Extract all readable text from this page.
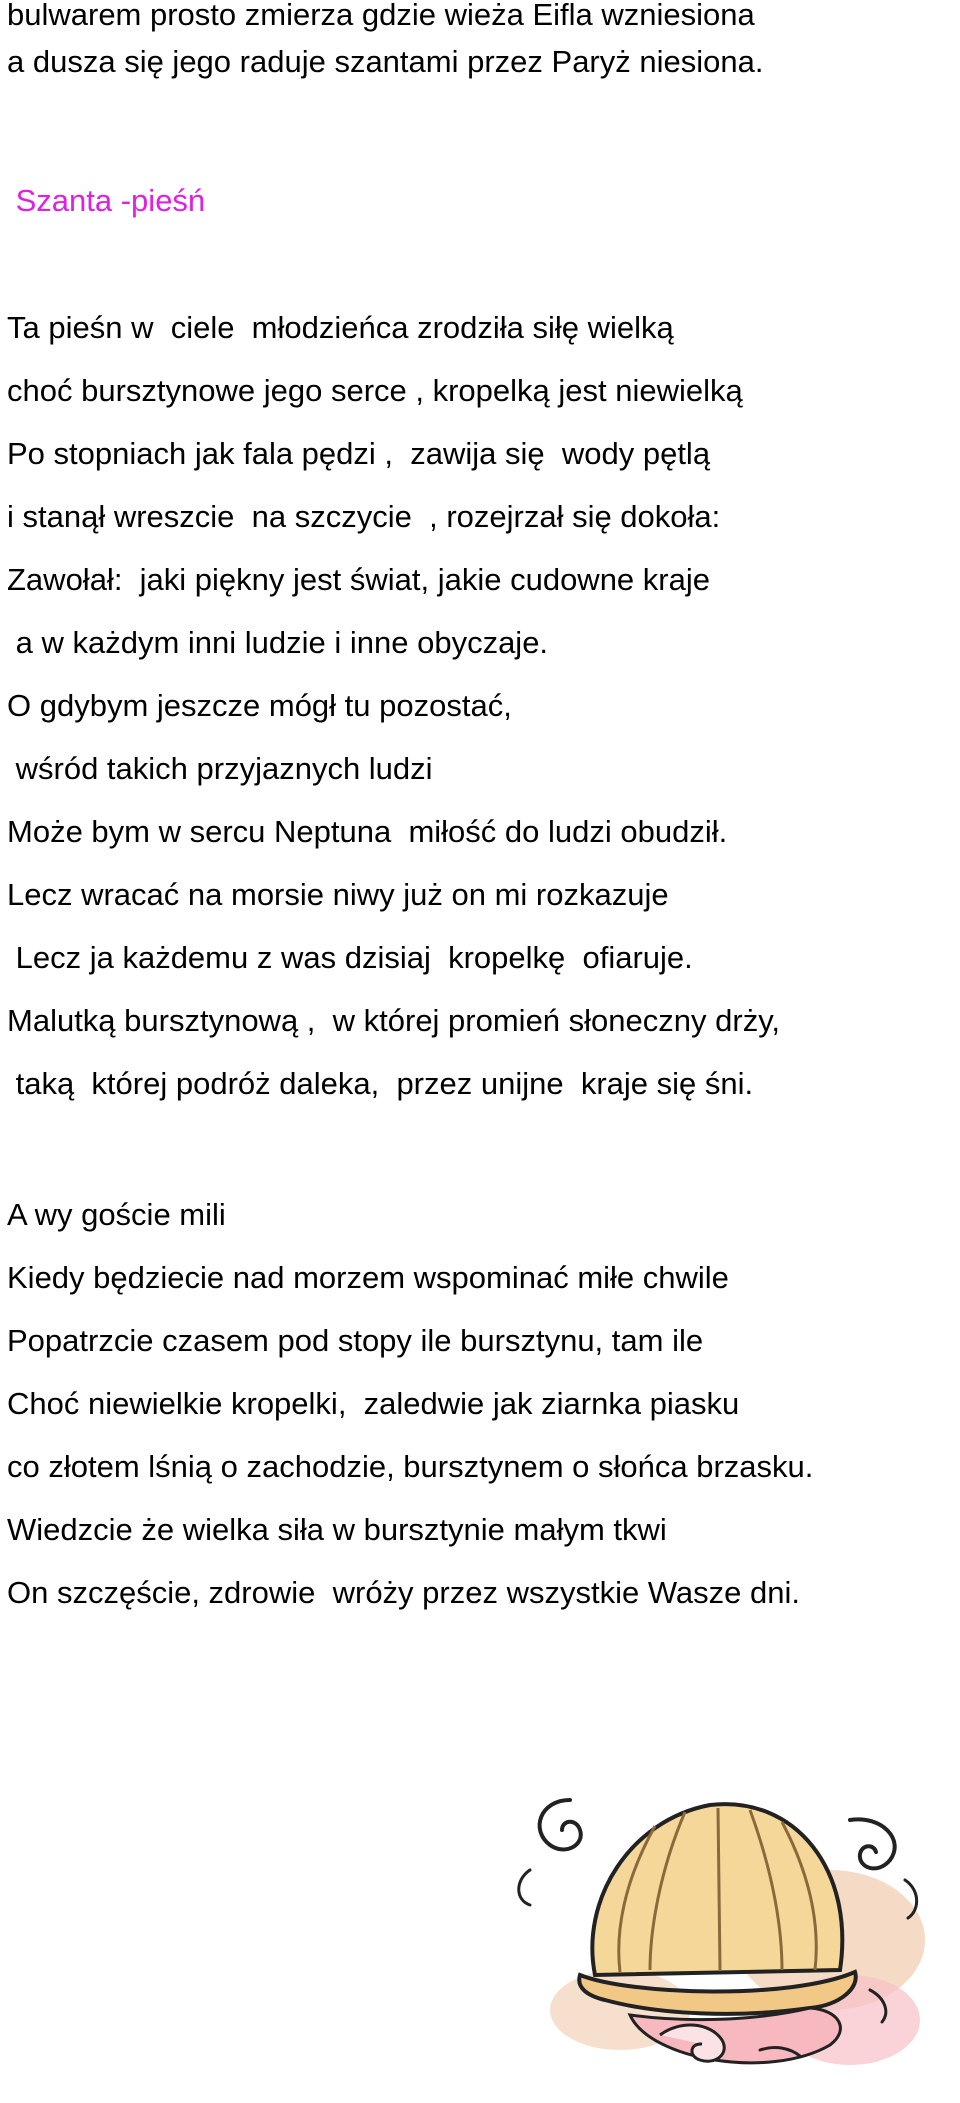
bulwarem prosto zmierza gdzie wieża Eifla wzniesiona
a dusza się jego raduje szantami przez Paryż niesiona.
Szanta -pieśń
Ta pieśn w  ciele  młodzieńca zrodziła siłę wielką
choć bursztynowe jego serce , kropelką jest niewielką
Po stopniach jak fala pędzi ,  zawija się  wody pętlą
i stanął wreszcie  na szczycie  , rozejrzał się dokoła:
Zawołał:  jaki piękny jest świat, jakie cudowne kraje
a w każdym inni ludzie i inne obyczaje.
O gdybym jeszcze mógł tu pozostać,
wśród takich przyjaznych ludzi
Może bym w sercu Neptuna  miłość do ludzi obudził.
Lecz wracać na morsie niwy już on mi rozkazuje
Lecz ja każdemu z was dzisiaj  kropelkę  ofiaruje.
Malutką bursztynową ,  w której promień słoneczny drży,
taką  której podróż daleka,  przez unijne  kraje się śni.
A wy goście mili
Kiedy będziecie nad morzem wspominać miłe chwile
Popatrzcie czasem pod stopy ile bursztynu, tam ile
Choć niewielkie kropelki,  zaledwie jak ziarnka piasku
co złotem lśnią o zachodzie, bursztynem o słońca brzasku.
Wiedzcie że wielka siła w bursztynie małym tkwi
On szczęście, zdrowie  wróży przez wszystkie Wasze dni.
